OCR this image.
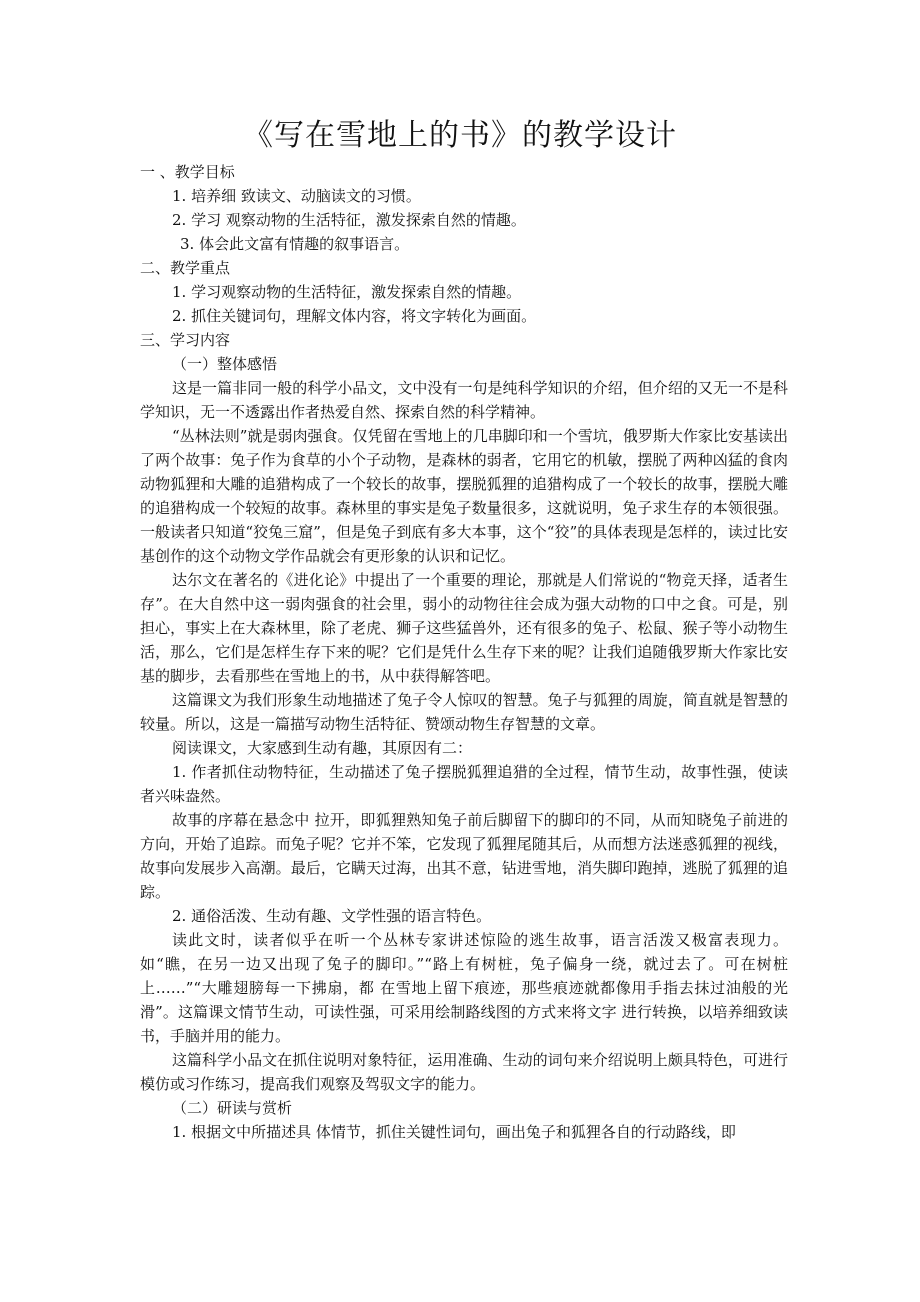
《写在雪地上的书》的教学设计
一 、教学目标
1. 培养细 致读文、动脑读文的习惯。
2. 学习 观察动物的生活特征，激发探索自然的情趣。
3. 体会此文富有情趣的叙事语言。
二、教学重点
1. 学习观察动物的生活特征，激发探索自然的情趣。
2. 抓住关键词句，理解文体内容，将文字转化为画面。
三、学习内容
（一）整体感悟

这是一篇非同一般的科学小品文，文中没有一句是纯科学知识的介绍，但介绍的又无一不是科学知识，无一不透露出作者热爱自然、探索自然的科学精神。

“丛林法则”就是弱肉强食。仅凭留在雪地上的几串脚印和一个雪坑，俄罗斯大作家比安基读出了两个故事：兔子作为食草的小个子动物，是森林的弱者，它用它的机敏，摆脱了两种凶猛的食肉动物狐狸和大雕的追猎构成了一个较长的故事，摆脱狐狸的追猎构成了一个较长的故事，摆脱大雕的追猎构成一个较短的故事。森林里的事实是兔子数量很多，这就说明，兔子求生存的本领很强。一般读者只知道“狡兔三窟”，但是兔子到底有多大本事，这个“狡”的具体表现是怎样的，读过比安基创作的这个动物文学作品就会有更形象的认识和记忆。

达尔文在著名的《进化论》中提出了一个重要的理论，那就是人们常说的“物竞天择，适者生存”。在大自然中这一弱肉强食的社会里，弱小的动物往往会成为强大动物的口中之食。可是，别担心，事实上在大森林里，除了老虎、狮子这些猛兽外，还有很多的兔子、松鼠、猴子等小动物生活，那么，它们是怎样生存下来的呢？它们是凭什么生存下来的呢？让我们追随俄罗斯大作家比安基的脚步，去看那些在雪地上的书，从中获得解答吧。

这篇课文为我们形象生动地描述了兔子令人惊叹的智慧。兔子与狐狸的周旋，简直就是智慧的较量。所以，这是一篇描写动物生活特征、赞颂动物生存智慧的文章。

阅读课文，大家感到生动有趣，其原因有二：

1. 作者抓住动物特征，生动描述了兔子摆脱狐狸追猎的全过程，情节生动，故事性强，使读者兴味盎然。

故事的序幕在悬念中 拉开，即狐狸熟知兔子前后脚留下的脚印的不同，从而知晓兔子前进的方向，开始了追踪。而兔子呢？它并不笨，它发现了狐狸尾随其后，从而想方法迷惑狐狸的视线，故事向发展步入高潮。最后，它瞒天过海，出其不意，钻进雪地，消失脚印跑掉，逃脱了狐狸的追踪。

2. 通俗活泼、生动有趣、文学性强的语言特色。

读此文时，读者似乎在听一个丛林专家讲述惊险的逃生故事，语言活泼又极富表现力。如“瞧，在另一边又出现了兔子的脚印。”“路上有树桩，兔子偏身一绕，就过去了。可在树桩上……”“大雕翅膀每一下拂扇，都 在雪地上留下痕迹，那些痕迹就都像用手指去抹过油般的光滑”。这篇课文情节生动，可读性强，可采用绘制路线图的方式来将文字 进行转换，以培养细致读书，手脑并用的能力。

这篇科学小品文在抓住说明对象特征，运用准确、生动的词句来介绍说明上颇具特色，可进行模仿或习作练习，提高我们观察及驾驭文字的能力。

（二）研读与赏析
1. 根据文中所描述具 体情节，抓住关键性词句，画出兔子和狐狸各自的行动路线，即
